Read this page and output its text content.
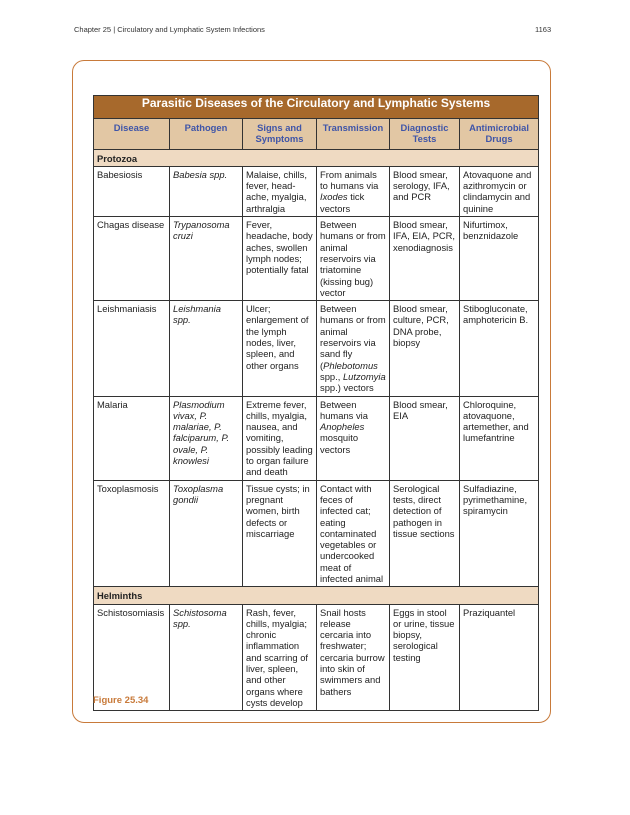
Chapter 25 | Circulatory and Lymphatic System Infections	1163
Parasitic Diseases of the Circulatory and Lymphatic Systems					
Disease	Pathogen	Signs and Symptoms	Transmission	Diagnostic Tests	Antimicrobial Drugs
Protozoa					
Babesiosis	Babesia spp.	Malaise, chills, fever, head-ache, myalgia, arthralgia	From animals to humans via Ixodes tick vectors	Blood smear, serology, IFA, and PCR	Atovaquone and azithromycin or clindamycin and quinine
Chagas disease	Trypanosoma cruzi	Fever, headache, body aches, swollen lymph nodes; potentially fatal	Between humans or from animal reservoirs via triatomine (kissing bug) vector	Blood smear, IFA, EIA, PCR, xenodiagnosis	Nifurtimox, benznidazole
Leishmaniasis	Leishmania spp.	Ulcer; enlargement of the lymph nodes, liver, spleen, and other organs	Between humans or from animal reservoirs via sand fly (Phlebotomus spp., Lutzomyia spp.) vectors	Blood smear, culture, PCR, DNA probe, biopsy	Stibogluconate, amphotericin B.
Malaria	Plasmodium vivax, P. malariae, P. falciparum, P. ovale, P. knowlesi	Extreme fever, chills, myalgia, nausea, and vomiting, possibly leading to organ failure and death	Between humans via Anopheles mosquito vectors	Blood smear, EIA	Chloroquine, atovaquone, artemether, and lumefantrine
Toxoplasmosis	Toxoplasma gondii	Tissue cysts; in pregnant women, birth defects or miscarriage	Contact with feces of infected cat; eating contaminated vegetables or undercooked meat of infected animal	Serological tests, direct detection of pathogen in tissue sections	Sulfadiazine, pyrimethamine, spiramycin
Helminths					
Schistosomiasis	Schistosoma spp.	Rash, fever, chills, myalgia; chronic inflammation and scarring of liver, spleen, and other organs where cysts develop	Snail hosts release cercaria into freshwater; cercaria burrow into skin of swimmers and bathers	Eggs in stool or urine, tissue biopsy, serological testing	Praziquantel
Figure 25.34
